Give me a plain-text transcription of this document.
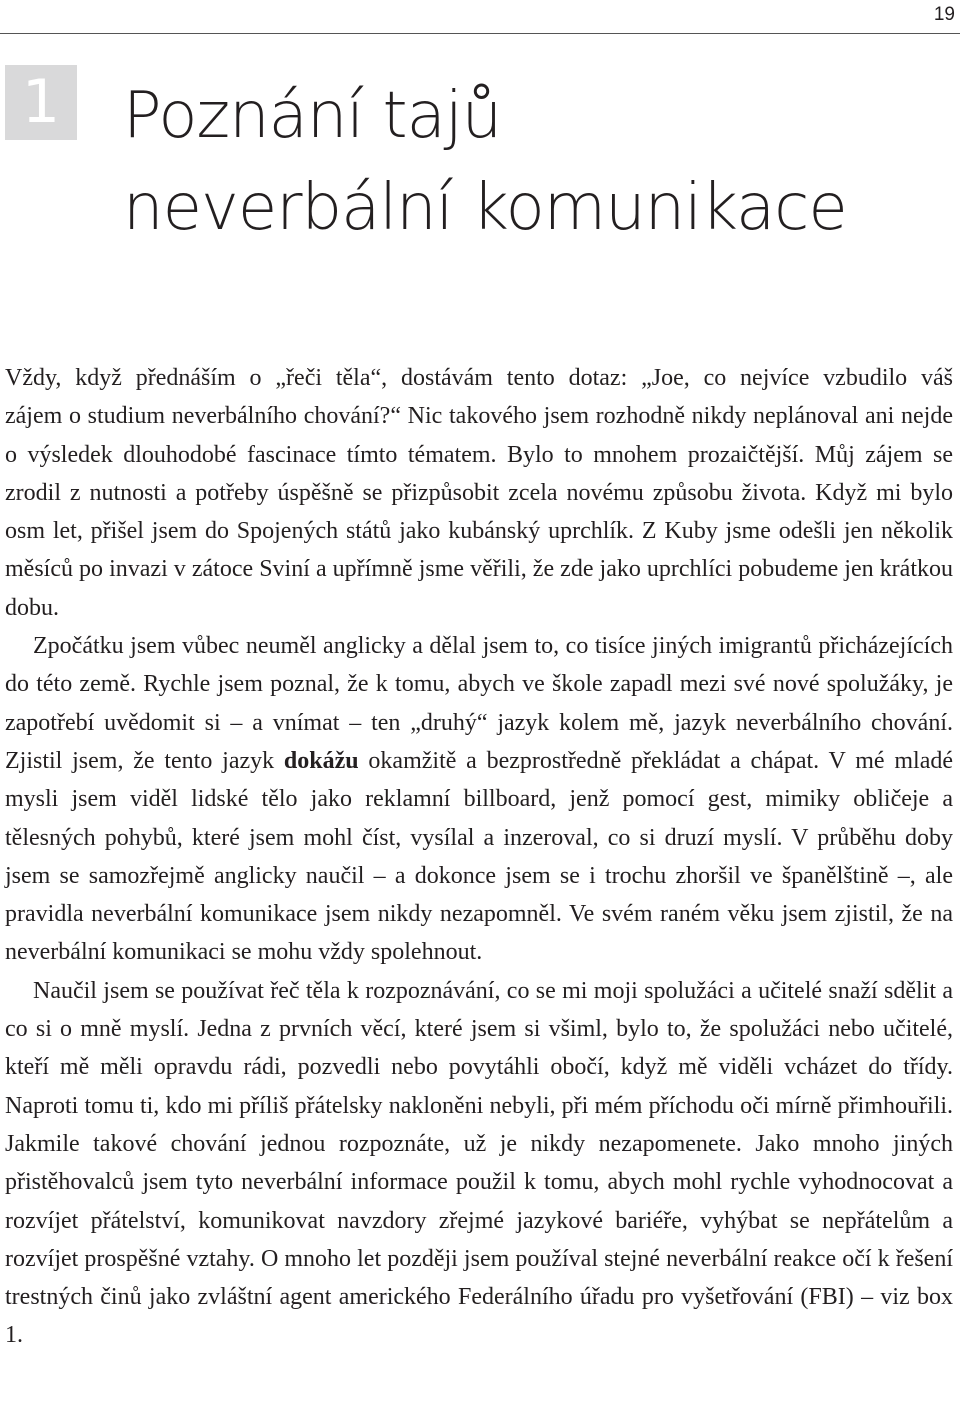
19
1 Poznání tajů
neverbální komunikace

Vždy, když přednáším o „řeči těla“, dostávám tento dotaz: „Joe, co nejvíce vzbudilo váš

zájem o studium neverbálního chování?“ Nic takového jsem rozhodně nikdy neplánoval ani nejde o výsledek dlouhodobé fascinace tímto tématem. Bylo to mnohem prozaičtější. Můj zájem se zrodil z nutnosti a potřeby úspěšně se přizpůsobit zcela novému způsobu života. Když mi bylo osm let, přišel jsem do Spojených států jako kubánský uprchlík. Z Kuby jsme odešli jen několik měsíců po invazi v zátoce Sviní a upřímně jsme věřili, že zde jako uprchlíci pobudeme jen krátkou dobu.

Zpočátku jsem vůbec neuměl anglicky a dělal jsem to, co tisíce jiných imigrantů přicházejících do této země. Rychle jsem poznal, že k tomu, abych ve škole zapadl mezi své nové spolužáky, je zapotřebí uvědomit si – a vnímat – ten „druhý“ jazyk kolem mě, jazyk neverbálního chování. Zjistil jsem, že tento jazyk dokážu okamžitě a bezprostředně překládat a chápat. V mé mladé mysli jsem viděl lidské tělo jako reklamní billboard, jenž pomocí gest, mimiky obličeje a tělesných pohybů, které jsem mohl číst, vysílal a inzeroval, co si druzí myslí. V průběhu doby jsem se samozřejmě anglicky naučil – a dokonce jsem se i trochu zhoršil ve španělštině –, ale pravidla neverbální komunikace jsem nikdy nezapomněl. Ve svém raném věku jsem zjistil, že na neverbální komunikaci se mohu vždy spolehnout.

Naučil jsem se používat řeč těla k rozpoznávání, co se mi moji spolužáci a učitelé snaží sdělit a co si o mně myslí. Jedna z prvních věcí, které jsem si všiml, bylo to, že spolužáci nebo učitelé, kteří mě měli opravdu rádi, pozvedli nebo povytáhli obočí, když mě viděli vcházet do třídy. Naproti tomu ti, kdo mi příliš přátelsky nakloněni nebyli, při mém příchodu oči mírně přimhouřili. Jakmile takové chování jednou rozpoznáte, už je nikdy nezapomenete. Jako mnoho jiných přistěhovalců jsem tyto neverbální informace použil k tomu, abych mohl rychle vyhodnocovat a rozvíjet přátelství, komunikovat navzdory zřejmé jazykové bariéře, vyhýbat se nepřátelům a rozvíjet prospěšné vztahy. O mnoho let později jsem používal stejné neverbální reakce očí k řešení trestných činů jako zvláštní agent amerického Federálního úřadu pro vyšetřování (FBI) – viz box 1.
